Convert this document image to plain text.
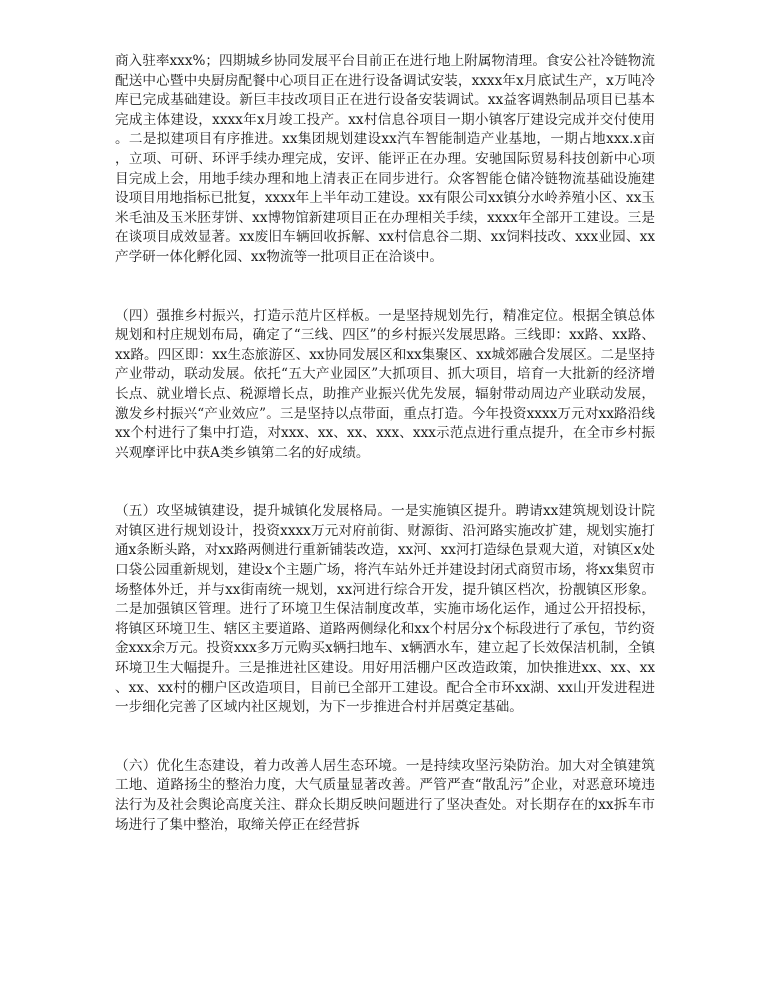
商入驻率xxx%；四期城乡协同发展平台目前正在进行地上附属物清理。食安公社冷链物流配送中心暨中央厨房配餐中心项目正在进行设备调试安装，xxxx年x月底试生产，x万吨冷库已完成基础建设。新巨丰技改项目正在进行设备安装调试。xx益客调熟制品项目已基本完成主体建设，xxxx年x月竣工投产。xx村信息谷项目一期小镇客厅建设完成并交付使用。二是拟建项目有序推进。xx集团规划建设xx汽车智能制造产业基地，一期占地xxx.x亩，立项、可研、环评手续办理完成，安评、能评正在办理。安驰国际贸易科技创新中心项目完成上会，用地手续办理和地上清表正在同步进行。众客智能仓储冷链物流基础设施建设项目用地指标已批复，xxxx年上半年动工建设。xx有限公司xx镇分水岭养殖小区、xx玉米毛油及玉米胚芽饼、xx博物馆新建项目正在办理相关手续，xxxx年全部开工建设。三是在谈项目成效显著。xx废旧车辆回收拆解、xx村信息谷二期、xx饲料技改、xxx业园、xx产学研一体化孵化园、xx物流等一批项目正在洽谈中。

（四）强推乡村振兴，打造示范片区样板。一是坚持规划先行，精准定位。根据全镇总体规划和村庄规划布局，确定了“三线、四区”的乡村振兴发展思路。三线即：xx路、xx路、xx路。四区即：xx生态旅游区、xx协同发展区和xx集聚区、xx城郊融合发展区。二是坚持产业带动，联动发展。依托“五大产业园区”大抓项目、抓大项目，培育一大批新的经济增长点、就业增长点、税源增长点，助推产业振兴优先发展，辐射带动周边产业联动发展，激发乡村振兴“产业效应”。三是坚持以点带面，重点打造。今年投资xxxx万元对xx路沿线xx个村进行了集中打造，对xxx、xx、xx、xxx、xxx示范点进行重点提升，在全市乡村振兴观摩评比中获A类乡镇第二名的好成绩。

（五）攻坚城镇建设，提升城镇化发展格局。一是实施镇区提升。聘请xx建筑规划设计院对镇区进行规划设计，投资xxxx万元对府前街、财源街、沿河路实施改扩建，规划实施打通x条断头路，对xx路两侧进行重新铺装改造，xx河、xx河打造绿色景观大道，对镇区x处口袋公园重新规划，建设x个主题广场，将汽车站外迁并建设封闭式商贸市场，将xx集贸市场整体外迁，并与xx街南统一规划，xx河进行综合开发，提升镇区档次，扮靓镇区形象。二是加强镇区管理。进行了环境卫生保洁制度改革，实施市场化运作，通过公开招投标，将镇区环境卫生、辖区主要道路、道路两侧绿化和xx个村居分x个标段进行了承包，节约资金xxx余万元。投资xxx多万元购买x辆扫地车、x辆洒水车，建立起了长效保洁机制，全镇环境卫生大幅提升。三是推进社区建设。用好用活棚户区改造政策，加快推进xx、xx、xx、xx、xx村的棚户区改造项目，目前已全部开工建设。配合全市环xx湖、xx山开发进程进一步细化完善了区域内社区规划，为下一步推进合村并居奠定基础。

（六）优化生态建设，着力改善人居生态环境。一是持续攻坚污染防治。加大对全镇建筑工地、道路扬尘的整治力度，大气质量显著改善。严管严查“散乱污”企业，对恶意环境违法行为及社会舆论高度关注、群众长期反映问题进行了坚决查处。对长期存在的xx拆车市场进行了集中整治，取缔关停正在经营拆
